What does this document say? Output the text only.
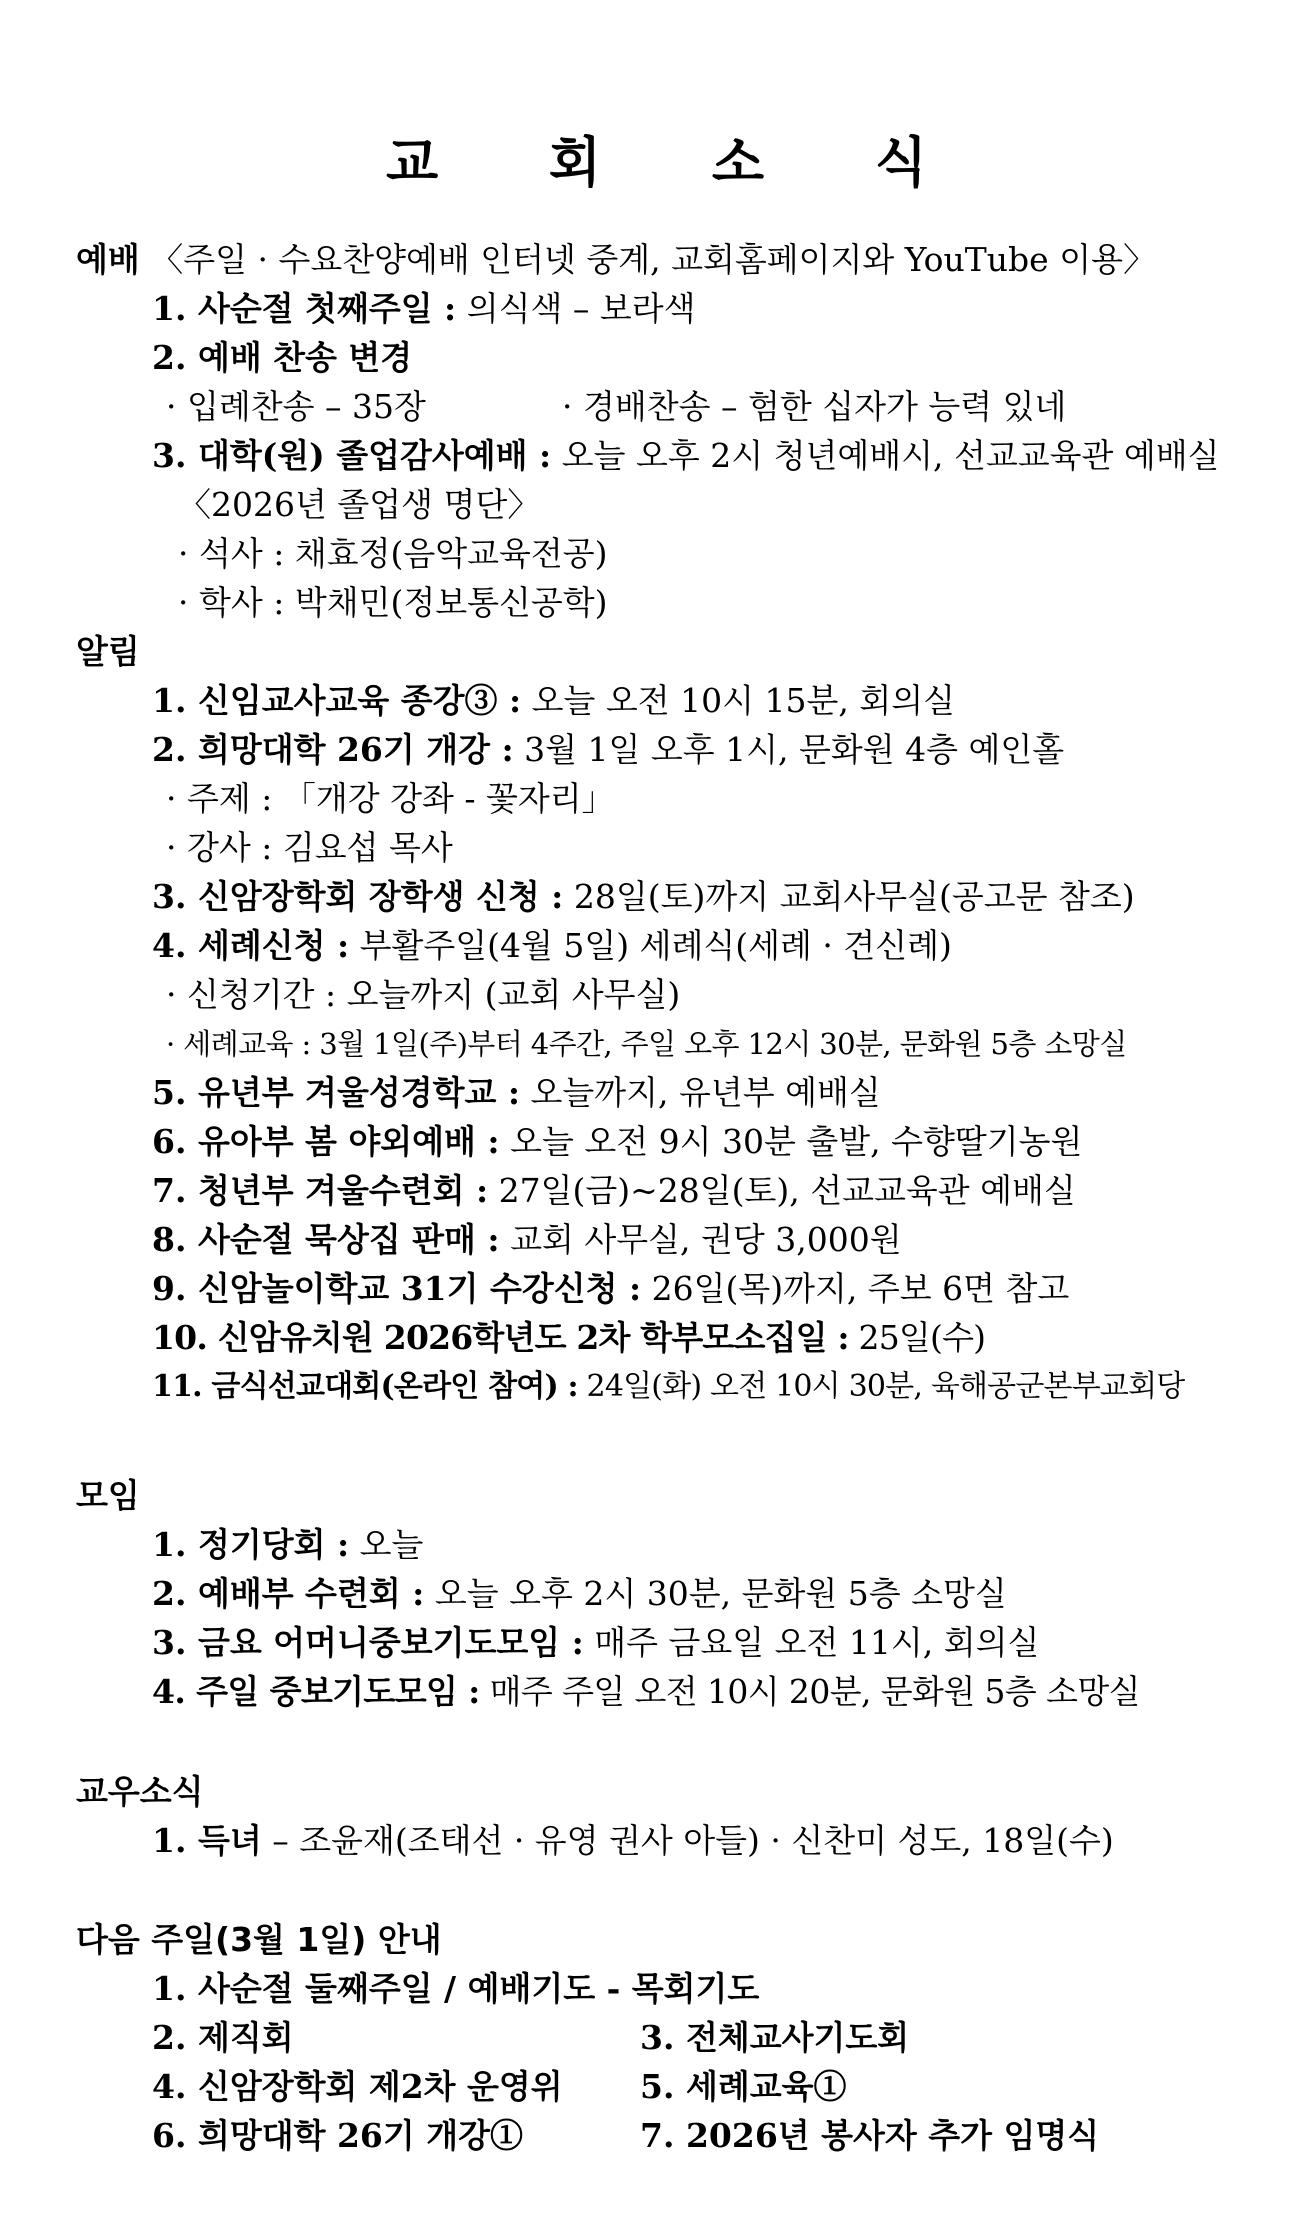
교 회 소 식
예배 〈주일 · 수요찬양예배 인터넷 중계, 교회홈페이지와 YouTube 이용〉
1. 사순절 첫째주일 : 의식색 – 보라색
2. 예배 찬송 변경
· 입례찬송 – 35장	· 경배찬송 – 험한 십자가 능력 있네
3. 대학(원) 졸업감사예배 : 오늘 오후 2시 청년예배시, 선교교육관 예배실
〈2026년 졸업생 명단〉
· 석사 : 채효정(음악교육전공)
· 학사 : 박채민(정보통신공학)
알림
1. 신임교사교육 종강③ : 오늘 오전 10시 15분, 회의실
2. 희망대학 26기 개강 : 3월 1일 오후 1시, 문화원 4층 예인홀
· 주제 : 「개강 강좌 - 꽃자리」
· 강사 : 김요섭 목사
3. 신암장학회 장학생 신청 : 28일(토)까지 교회사무실(공고문 참조)
4. 세례신청 : 부활주일(4월 5일) 세례식(세례 · 견신례)
· 신청기간 : 오늘까지 (교회 사무실)
· 세례교육 : 3월 1일(주)부터 4주간, 주일 오후 12시 30분, 문화원 5층 소망실
5. 유년부 겨울성경학교 : 오늘까지, 유년부 예배실
6. 유아부 봄 야외예배 : 오늘 오전 9시 30분 출발, 수향딸기농원
7. 청년부 겨울수련회 : 27일(금)~28일(토), 선교교육관 예배실
8. 사순절 묵상집 판매 : 교회 사무실, 권당 3,000원
9. 신암놀이학교 31기 수강신청 : 26일(목)까지, 주보 6면 참고
10. 신암유치원 2026학년도 2차 학부모소집일 : 25일(수)
11. 금식선교대회(온라인 참여) : 24일(화) 오전 10시 30분, 육해공군본부교회당
모임
1. 정기당회 : 오늘
2. 예배부 수련회 : 오늘 오후 2시 30분, 문화원 5층 소망실
3. 금요 어머니중보기도모임 : 매주 금요일 오전 11시, 회의실
4. 주일 중보기도모임 : 매주 주일 오전 10시 20분, 문화원 5층 소망실
교우소식
1. 득녀 – 조윤재(조태선 · 유영 권사 아들) · 신찬미 성도, 18일(수)
다음 주일(3월 1일) 안내
1. 사순절 둘째주일 / 예배기도 - 목회기도
2. 제직회	3. 전체교사기도회
4. 신암장학회 제2차 운영위 5. 세례교육①
6. 희망대학 26기 개강①	7. 2026년 봉사자 추가 임명식
